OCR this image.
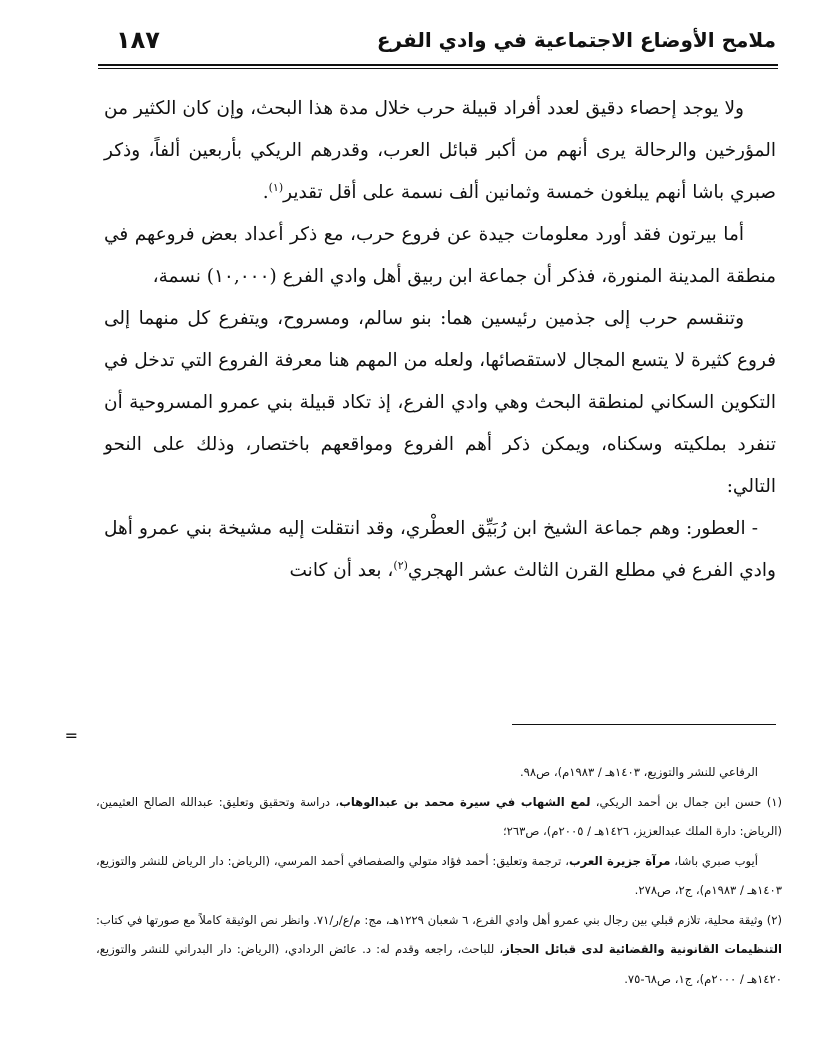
ملامح الأوضاع الاجتماعية في وادي الفرع
١٨٧

ولا يوجد إحصاء دقيق لعدد أفراد قبيلة حرب خلال مدة هذا البحث، وإن كان الكثير من المؤرخين والرحالة يرى أنهم من أكبر قبائل العرب، وقدرهم الريكي بأربعين ألفاً، وذكر صبري باشا أنهم يبلغون خمسة وثمانين ألف نسمة على أقل تقدير$^{(١)}$.

أما بيرتون فقد أورد معلومات جيدة عن فروع حرب، مع ذكر أعداد بعض فروعهم في منطقة المدينة المنورة، فذكر أن جماعة ابن ربيق أهل وادي الفرع (١٠,٠٠٠) نسمة،

وتنقسم حرب إلى جذمين رئيسين هما: بنو سالم، ومسروح، ويتفرع كل منهما إلى فروع كثيرة لا يتسع المجال لاستقصائها، ولعله من المهم هنا معرفة الفروع التي تدخل في التكوين السكاني لمنطقة البحث وهي وادي الفرع، إذ تكاد قبيلة بني عمرو المسروحية أن تنفرد بملكيته وسكناه، ويمكن ذكر أهم الفروع ومواقعهم باختصار، وذلك على النحو التالي:

- العطور: وهم جماعة الشيخ ابن رُبَيِّق العطْري، وقد انتقلت إليه مشيخة بني عمرو أهل وادي الفرع في مطلع القرن الثالث عشر الهجري$^{(٢)}$، بعد أن كانت

=

الرفاعي للنشر والتوزيع، ١٤٠٣هـ / ١٩٨٣م)، ص٩٨.

(١) حسن ابن جمال بن أحمد الريكي، لمع الشهاب في سيرة محمد بن عبدالوهاب، دراسة وتحقيق وتعليق: عبدالله الصالح العثيمين، (الرياض: دارة الملك عبدالعزيز، ١٤٢٦هـ / ٢٠٠٥م)، ص٢٦٣؛

أيوب صبري باشا، مرآة جزيرة العرب، ترجمة وتعليق: أحمد فؤاد متولي والصفصافي أحمد المرسي، (الرياض: دار الرياض للنشر والتوزيع، ١٤٠٣هـ / ١٩٨٣م)، ج٢، ص٢٧٨.

(٢) وثيقة محلية، تلازم قبلي بين رجال بني عمرو أهل وادي الفرع، ٦ شعبان ١٢٢٩هـ، مج: م/ع/ر/٧١. وانظر نص الوثيقة كاملاً مع صورتها في كتاب: التنظيمات القانونية والقضائية لدى قبائل الحجاز، للباحث، راجعه وقدم له: د. عائض الردادي، (الرياض: دار البدراني للنشر والتوزيع، ١٤٢٠هـ / ٢٠٠٠م)، ج١، ص٦٨-٧٥.
